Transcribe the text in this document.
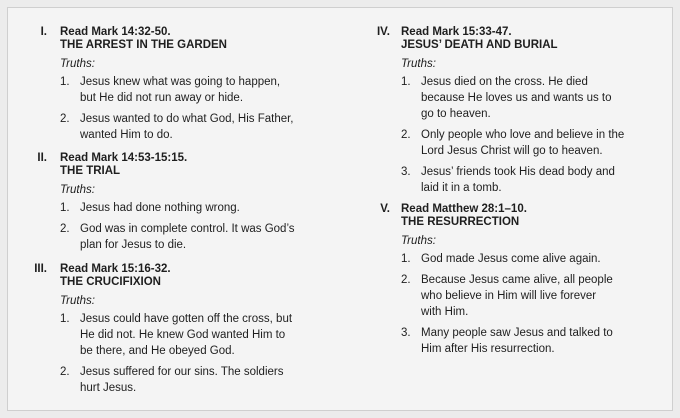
I. Read Mark 14:32-50.
THE ARREST IN THE GARDEN
Truths:
1. Jesus knew what was going to happen,
but He did not run away or hide.
2. Jesus wanted to do what God, His Father,
wanted Him to do.
II. Read Mark 14:53-15:15.
THE TRIAL
Truths:
1. Jesus had done nothing wrong.
2. God was in complete control. It was God’s
plan for Jesus to die.
III. Read Mark 15:16-32.
THE CRUCIFIXION
Truths:
1. Jesus could have gotten off the cross, but
He did not. He knew God wanted Him to
be there, and He obeyed God.
2. Jesus suffered for our sins. The soldiers
hurt Jesus.
IV. Read Mark 15:33-47.
JESUS’ DEATH AND BURIAL
Truths:
1. Jesus died on the cross. He died
because He loves us and wants us to
go to heaven.
2. Only people who love and believe in the
Lord Jesus Christ will go to heaven.
3. Jesus’ friends took His dead body and
laid it in a tomb.
V. Read Matthew 28:1–10.
THE RESURRECTION
Truths:
1. God made Jesus come alive again.
2. Because Jesus came alive, all people
who believe in Him will live forever
with Him.
3. Many people saw Jesus and talked to
Him after His resurrection.
